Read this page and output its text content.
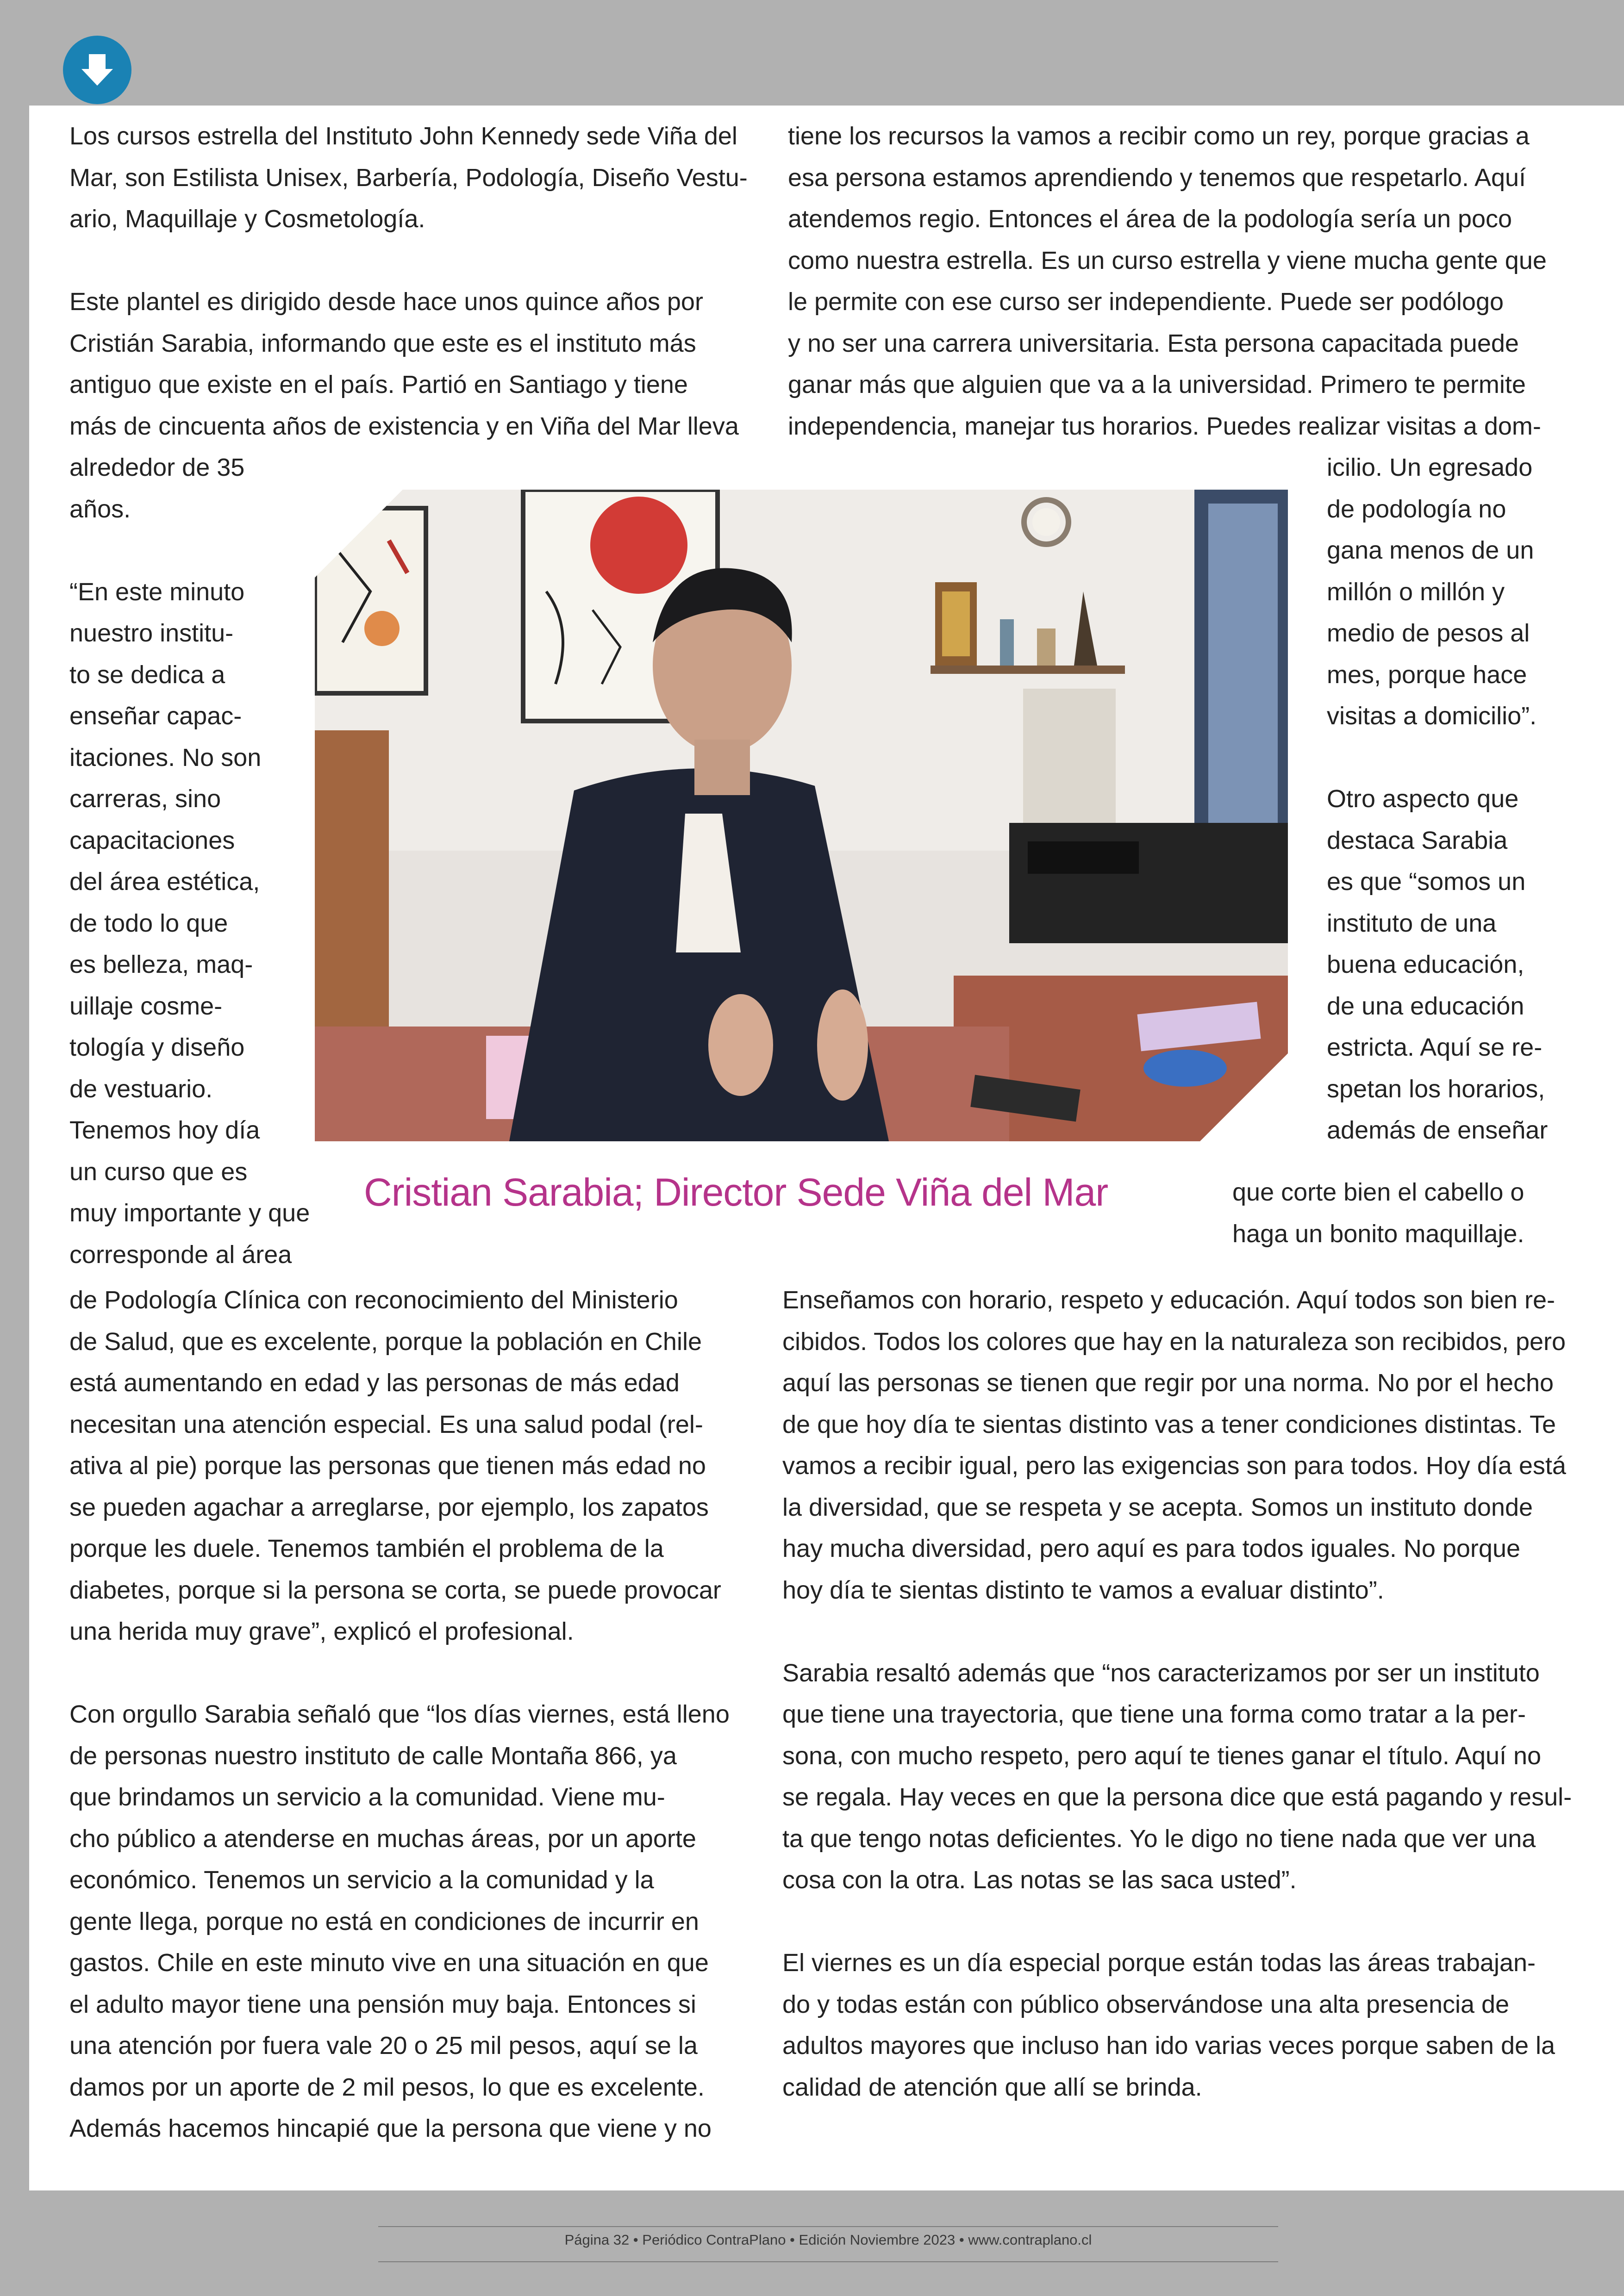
Los cursos estrella del Instituto John Kennedy sede Viña del
Mar, son Estilista Unisex, Barbería, Podología, Diseño Vestu-
ario, Maquillaje y Cosmetología.
Este plantel es dirigido desde hace unos quince años por
Cristián Sarabia, informando que este es el instituto más
antiguo que existe en el país. Partió en Santiago y tiene
más de cincuenta años de existencia y en Viña del Mar lleva
alrededor de 35
años.
“En este minuto
nuestro institu-
to se dedica a
enseñar capac-
itaciones. No son
carreras, sino
capacitaciones
del área estética,
de todo lo que
es belleza, maq-
uillaje cosme-
tología y diseño
de vestuario.
Tenemos hoy día
un curso que es
muy importante y que
corresponde al área
tiene los recursos la vamos a recibir como un rey, porque gracias a
esa persona estamos aprendiendo y tenemos que respetarlo. Aquí
atendemos regio. Entonces el área de la podología sería un poco
como nuestra estrella. Es un curso estrella y viene mucha gente que
le permite con ese curso ser independiente. Puede ser podólogo
y no ser una carrera universitaria. Esta persona capacitada puede
ganar más que alguien que va a la universidad. Primero te permite
independencia, manejar tus horarios. Puedes realizar visitas a dom-
icilio. Un egresado
de podología no
gana menos de un
millón o millón y
medio de pesos al
mes, porque hace
visitas a domicilio”.
Otro aspecto que
destaca Sarabia
es que “somos un
instituto de una
buena educación,
de una educación
estricta. Aquí se re-
spetan los horarios,
además de enseñar
que corte bien el cabello o
haga un bonito maquillaje.
de Podología Clínica con reconocimiento del Ministerio
de Salud, que es excelente, porque la población en Chile
está aumentando en edad y las personas de más edad
necesitan una atención especial. Es una salud podal (rel-
ativa al pie) porque las personas que tienen más edad no
se pueden agachar a arreglarse, por ejemplo, los zapatos
porque les duele. Tenemos también el problema de la
diabetes, porque si la persona se corta, se puede provocar
una herida muy grave”, explicó el profesional.
Con orgullo Sarabia señaló que “los días viernes, está lleno
de personas nuestro instituto de calle Montaña 866, ya
que brindamos un servicio a la comunidad. Viene mu-
cho público a atenderse en muchas áreas, por un aporte
económico. Tenemos un servicio a la comunidad y la
gente llega, porque no está en condiciones de incurrir en
gastos. Chile en este minuto vive en una situación en que
el adulto mayor tiene una pensión muy baja. Entonces si
una atención por fuera vale 20 o 25 mil pesos, aquí se la
damos por un aporte de 2 mil pesos, lo que es excelente.
Además hacemos hincapié que la persona que viene y no
Enseñamos con horario, respeto y educación. Aquí todos son bien re-
cibidos. Todos los colores que hay en la naturaleza son recibidos, pero
aquí las personas se tienen que regir por una norma. No por el hecho
de que hoy día te sientas distinto vas a tener condiciones distintas. Te
vamos a recibir igual, pero las exigencias son para todos. Hoy día está
la diversidad, que se respeta y se acepta. Somos un instituto donde
hay mucha diversidad, pero aquí es para todos iguales. No porque
hoy día te sientas distinto te vamos a evaluar distinto”.
Sarabia resaltó además que “nos caracterizamos por ser un instituto
que tiene una trayectoria, que tiene una forma como tratar a la per-
sona, con mucho respeto, pero aquí te tienes ganar el título. Aquí no
se regala. Hay veces en que la persona dice que está pagando y resul-
ta que tengo notas deficientes. Yo le digo no tiene nada que ver una
cosa con la otra. Las notas se las saca usted”.
El viernes es un día especial porque están todas las áreas trabajan-
do y todas están con público observándose una alta presencia de
adultos mayores que incluso han ido varias veces porque saben de la
calidad de atención que allí se brinda.
Cristian Sarabia; Director Sede Viña del Mar
Página 32 • Periódico ContraPlano • Edición Noviembre 2023 • www.contraplano.cl
